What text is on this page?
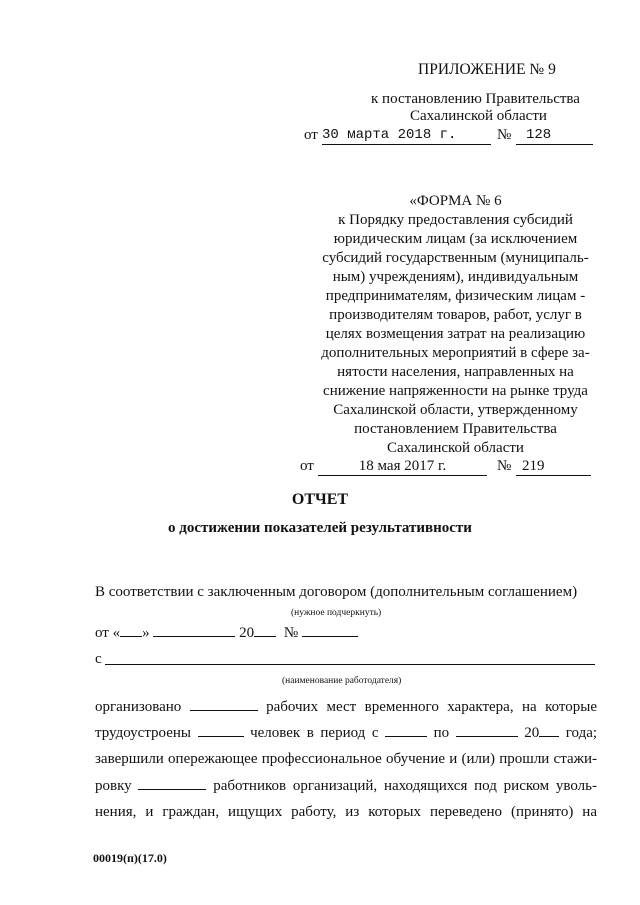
ПРИЛОЖЕНИЕ № 9
к постановлению Правительства
Сахалинской области
от 30 марта 2018 г.	№	128
«ФОРМА № 6
к Порядку предоставления субсидий
юридическим лицам (за исключением
субсидий государственным (муниципаль-
ным) учреждениям), индивидуальным
предпринимателям, физическим лицам -
производителям товаров, работ, услуг в
целях возмещения затрат на реализацию
дополнительных мероприятий в сфере за-
нятости населения, направленных на
снижение напряженности на рынке труда
Сахалинской области, утвержденному
постановлением Правительства
Сахалинской области
от	18 мая 2017 г.	№ 219
ОТЧЕТ
о достижении показателей результативности
В соответствии с заключенным договором (дополнительным соглашением)
(нужное подчеркнуть)
от « »	20 №
с
(наименование работодателя)
организовано	рабочих мест временного характера, на которые
трудоустроены	человек в период с	по	20 года;
завершили опережающее профессиональное обучение и (или) прошли стажи-
ровку	работников организаций, находящихся под риском уволь-
нения, и граждан, ищущих работу, из которых переведено (принято) на
00019(п)(17.0)
